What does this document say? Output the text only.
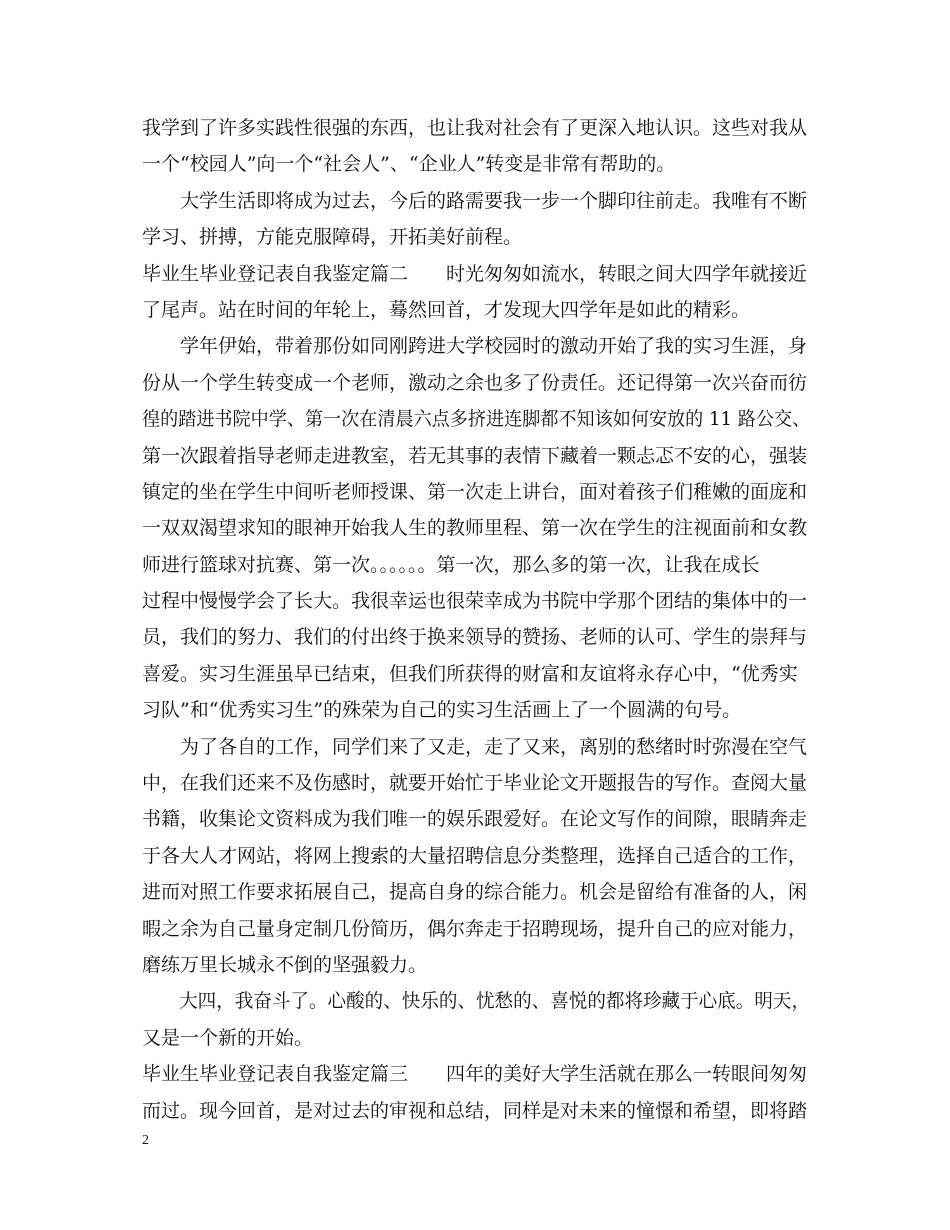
我学到了许多实践性很强的东西，也让我对社会有了更深入地认识。这些对我从
一个“校园人”向一个“社会人”、“企业人”转变是非常有帮助的。
　　大学生活即将成为过去，今后的路需要我一步一个脚印往前走。我唯有不断
学习、拼搏，方能克服障碍，开拓美好前程。
毕业生毕业登记表自我鉴定篇二　　时光匆匆如流水，转眼之间大四学年就接近
了尾声。站在时间的年轮上，蓦然回首，才发现大四学年是如此的精彩。
　　学年伊始，带着那份如同刚跨进大学校园时的激动开始了我的实习生涯，身
份从一个学生转变成一个老师，激动之余也多了份责任。还记得第一次兴奋而彷
徨的踏进书院中学、第一次在清晨六点多挤进连脚都不知该如何安放的 11 路公交、
第一次跟着指导老师走进教室，若无其事的表情下藏着一颗忐忑不安的心，强装
镇定的坐在学生中间听老师授课、第一次走上讲台，面对着孩子们稚嫩的面庞和
一双双渴望求知的眼神开始我人生的教师里程、第一次在学生的注视面前和女教
师进行篮球对抗赛、第一次。。。。。。第一次，那么多的第一次，让我在成长
过程中慢慢学会了长大。我很幸运也很荣幸成为书院中学那个团结的集体中的一
员，我们的努力、我们的付出终于换来领导的赞扬、老师的认可、学生的崇拜与
喜爱。实习生涯虽早已结束，但我们所获得的财富和友谊将永存心中，“优秀实
习队”和“优秀实习生”的殊荣为自己的实习生活画上了一个圆满的句号。
　　为了各自的工作，同学们来了又走，走了又来，离别的愁绪时时弥漫在空气
中，在我们还来不及伤感时，就要开始忙于毕业论文开题报告的写作。查阅大量
书籍，收集论文资料成为我们唯一的娱乐跟爱好。在论文写作的间隙，眼睛奔走
于各大人才网站，将网上搜索的大量招聘信息分类整理，选择自己适合的工作，
进而对照工作要求拓展自己，提高自身的综合能力。机会是留给有准备的人，闲
暇之余为自己量身定制几份简历，偶尔奔走于招聘现场，提升自己的应对能力，
磨练万里长城永不倒的坚强毅力。
　　大四，我奋斗了。心酸的、快乐的、忧愁的、喜悦的都将珍藏于心底。明天，
又是一个新的开始。
毕业生毕业登记表自我鉴定篇三　　四年的美好大学生活就在那么一转眼间匆匆
而过。现今回首，是对过去的审视和总结，同样是对未来的憧憬和希望，即将踏
2
